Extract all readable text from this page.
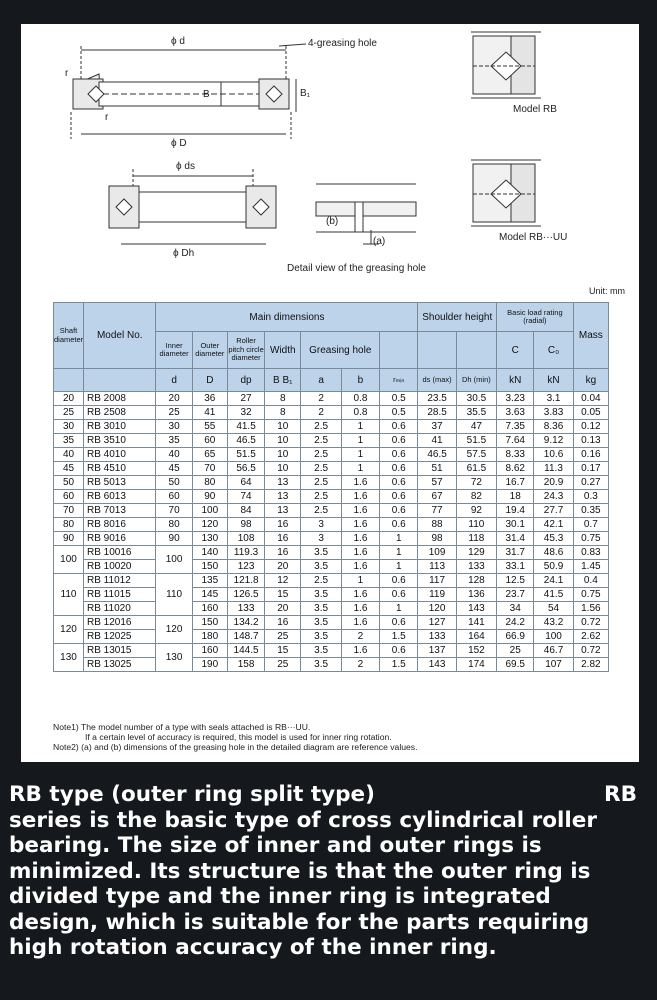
ϕ d
ϕ D
B	B₁
r
r
4-greasing hole
ϕ ds
ϕ Dh
(b)
(a)
Detail view of the greasing hole
Model RB
Model RB···UU
Unit: mm
Shaft diameter	Model No.	Main dimensions							Shoulder height		Basic load rating (radial)		Mass
		Inner diameter	Outer diameter	Roller pitch circle diameter	Width	Greasing hole					C	C₀	
		d	D	dp	B B₁	a	b	rₘᵢₙ	ds (max)	Dh (min)	kN	kN	kg
20	RB 2008	20	36	27	8	2	0.8	0.5	23.5	30.5	3.23	3.1	0.04
25	RB 2508	25	41	32	8	2	0.8	0.5	28.5	35.5	3.63	3.83	0.05
30	RB 3010	30	55	41.5	10	2.5	1	0.6	37	47	7.35	8.36	0.12
35	RB 3510	35	60	46.5	10	2.5	1	0.6	41	51.5	7.64	9.12	0.13
40	RB 4010	40	65	51.5	10	2.5	1	0.6	46.5	57.5	8.33	10.6	0.16
45	RB 4510	45	70	56.5	10	2.5	1	0.6	51	61.5	8.62	11.3	0.17
50	RB 5013	50	80	64	13	2.5	1.6	0.6	57	72	16.7	20.9	0.27
60	RB 6013	60	90	74	13	2.5	1.6	0.6	67	82	18	24.3	0.3
70	RB 7013	70	100	84	13	2.5	1.6	0.6	77	92	19.4	27.7	0.35
80	RB 8016	80	120	98	16	3	1.6	0.6	88	110	30.1	42.1	0.7
90	RB 9016	90	130	108	16	3	1.6	1	98	118	31.4	45.3	0.75
100	RB 10016	100	140	119.3	16	3.5	1.6	1	109	129	31.7	48.6	0.83
	RB 10020		150	123	20	3.5	1.6	1	113	133	33.1	50.9	1.45
110	RB 11012	110	135	121.8	12	2.5	1	0.6	117	128	12.5	24.1	0.4
	RB 11015		145	126.5	15	3.5	1.6	0.6	119	136	23.7	41.5	0.75
	RB 11020		160	133	20	3.5	1.6	1	120	143	34	54	1.56
120	RB 12016	120	150	134.2	16	3.5	1.6	0.6	127	141	24.2	43.2	0.72
	RB 12025		180	148.7	25	3.5	2	1.5	133	164	66.9	100	2.62
130	RB 13015	130	160	144.5	15	3.5	1.6	0.6	137	152	25	46.7	0.72
	RB 13025		190	158	25	3.5	2	1.5	143	174	69.5	107	2.82
Note1) The model number of a type with seals attached is RB···UU.
If a certain level of accuracy is required, this model is used for inner ring rotation.
Note2) (a) and (b) dimensions of the greasing hole in the detailed diagram are reference values.
RB
RB type (outer ring split type)
series is the basic type of cross cylindrical roller
bearing. The size of inner and outer rings is
minimized. Its structure is that the outer ring is
divided type and the inner ring is integrated
design, which is suitable for the parts requiring
high rotation accuracy of the inner ring.
